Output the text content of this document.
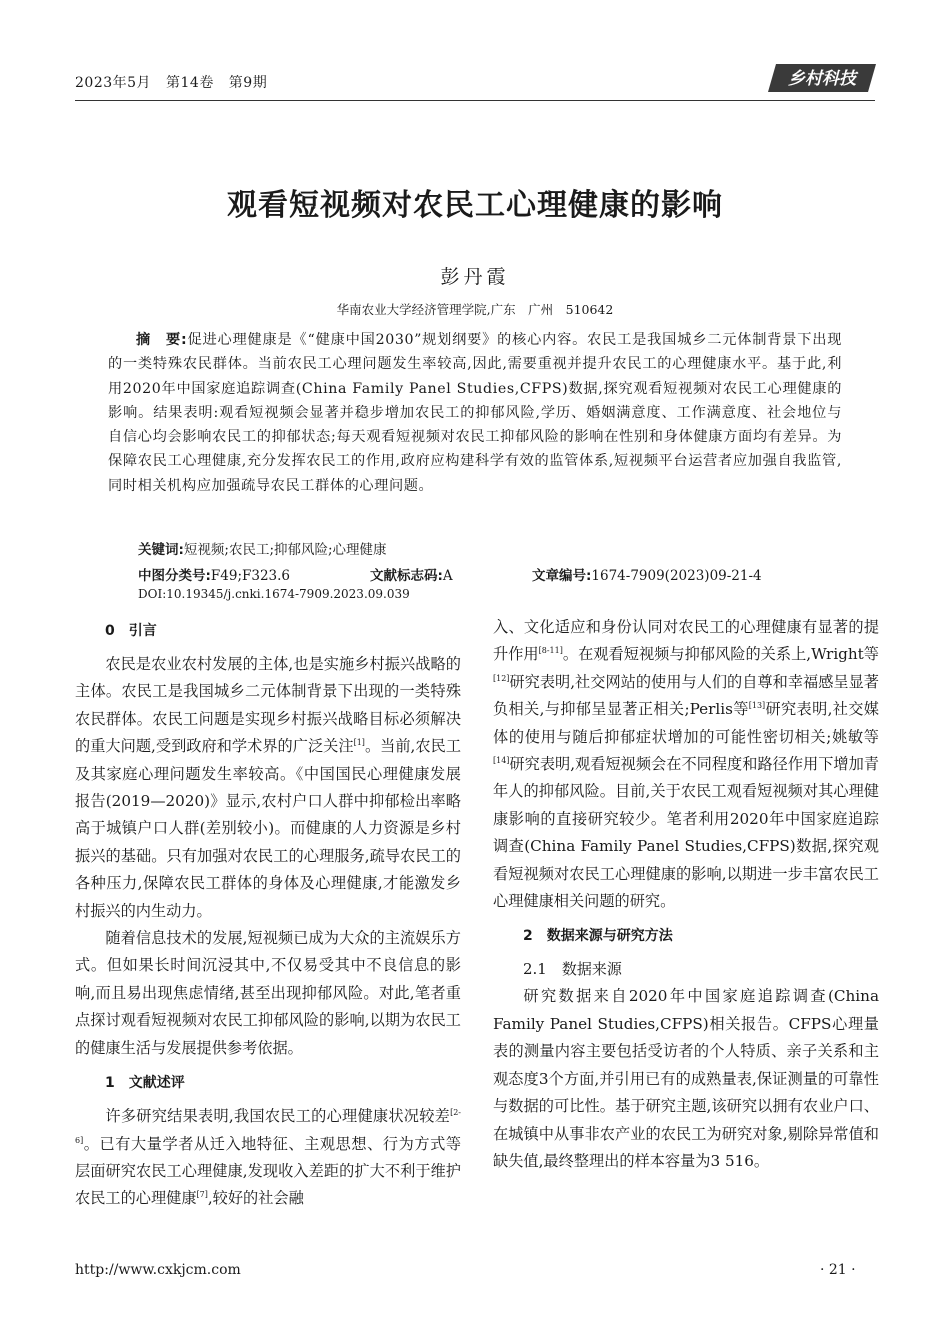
2023年5月 第14卷 第9期	乡村科技
观看短视频对农民工心理健康的影响
彭丹霞
华南农业大学经济管理学院,广东　广州　510642
摘　要:促进心理健康是《“健康中国2030”规划纲要》的核心内容。农民工是我国城乡二元体制背景下出现的一类特殊农民群体。当前农民工心理问题发生率较高,因此,需要重视并提升农民工的心理健康水平。基于此,利用2020年中国家庭追踪调查(China Family Panel Studies,CFPS)数据,探究观看短视频对农民工心理健康的影响。结果表明:观看短视频会显著并稳步增加农民工的抑郁风险,学历、婚姻满意度、工作满意度、社会地位与自信心均会影响农民工的抑郁状态;每天观看短视频对农民工抑郁风险的影响在性别和身体健康方面均有差异。为保障农民工心理健康,充分发挥农民工的作用,政府应构建科学有效的监管体系,短视频平台运营者应加强自我监管,同时相关机构应加强疏导农民工群体的心理问题。
关键词:短视频;农民工;抑郁风险;心理健康
中图分类号:F49;F323.6	文献标志码:A	文章编号:1674-7909(2023)09-21-4
DOI:10.19345/j.cnki.1674-7909.2023.09.039
0　引言

农民是农业农村发展的主体,也是实施乡村振兴战略的主体。农民工是我国城乡二元体制背景下出现的一类特殊农民群体。农民工问题是实现乡村振兴战略目标必须解决的重大问题,受到政府和学术界的广泛关注[1]。当前,农民工及其家庭心理问题发生率较高。《中国国民心理健康发展报告(2019—2020)》显示,农村户口人群中抑郁检出率略高于城镇户口人群(差别较小)。而健康的人力资源是乡村振兴的基础。只有加强对农民工的心理服务,疏导农民工的各种压力,保障农民工群体的身体及心理健康,才能激发乡村振兴的内生动力。

随着信息技术的发展,短视频已成为大众的主流娱乐方式。但如果长时间沉浸其中,不仅易受其中不良信息的影响,而且易出现焦虑情绪,甚至出现抑郁风险。对此,笔者重点探讨观看短视频对农民工抑郁风险的影响,以期为农民工的健康生活与发展提供参考依据。

1　文献述评

许多研究结果表明,我国农民工的心理健康状况较差[2-6]。已有大量学者从迁入地特征、主观思想、行为方式等层面研究农民工心理健康,发现收入差距的扩大不利于维护农民工的心理健康[7],较好的社会融

入、文化适应和身份认同对农民工的心理健康有显著的提升作用[8-11]。在观看短视频与抑郁风险的关系上,Wright等[12]研究表明,社交网站的使用与人们的自尊和幸福感呈显著负相关,与抑郁呈显著正相关;Perlis等[13]研究表明,社交媒体的使用与随后抑郁症状增加的可能性密切相关;姚敏等[14]研究表明,观看短视频会在不同程度和路径作用下增加青年人的抑郁风险。目前,关于农民工观看短视频对其心理健康影响的直接研究较少。笔者利用2020年中国家庭追踪调查(China Family Panel Studies,CFPS)数据,探究观看短视频对农民工心理健康的影响,以期进一步丰富农民工心理健康相关问题的研究。

2　数据来源与研究方法
2.1　数据来源

研究数据来自2020年中国家庭追踪调查(China Family Panel Studies,CFPS)相关报告。CFPS心理量表的测量内容主要包括受访者的个人特质、亲子关系和主观态度3个方面,并引用已有的成熟量表,保证测量的可靠性与数据的可比性。基于研究主题,该研究以拥有农业户口、在城镇中从事非农产业的农民工为研究对象,剔除异常值和缺失值,最终整理出的样本容量为3 516。

http://www.cxkjcm.com	· 21 ·
